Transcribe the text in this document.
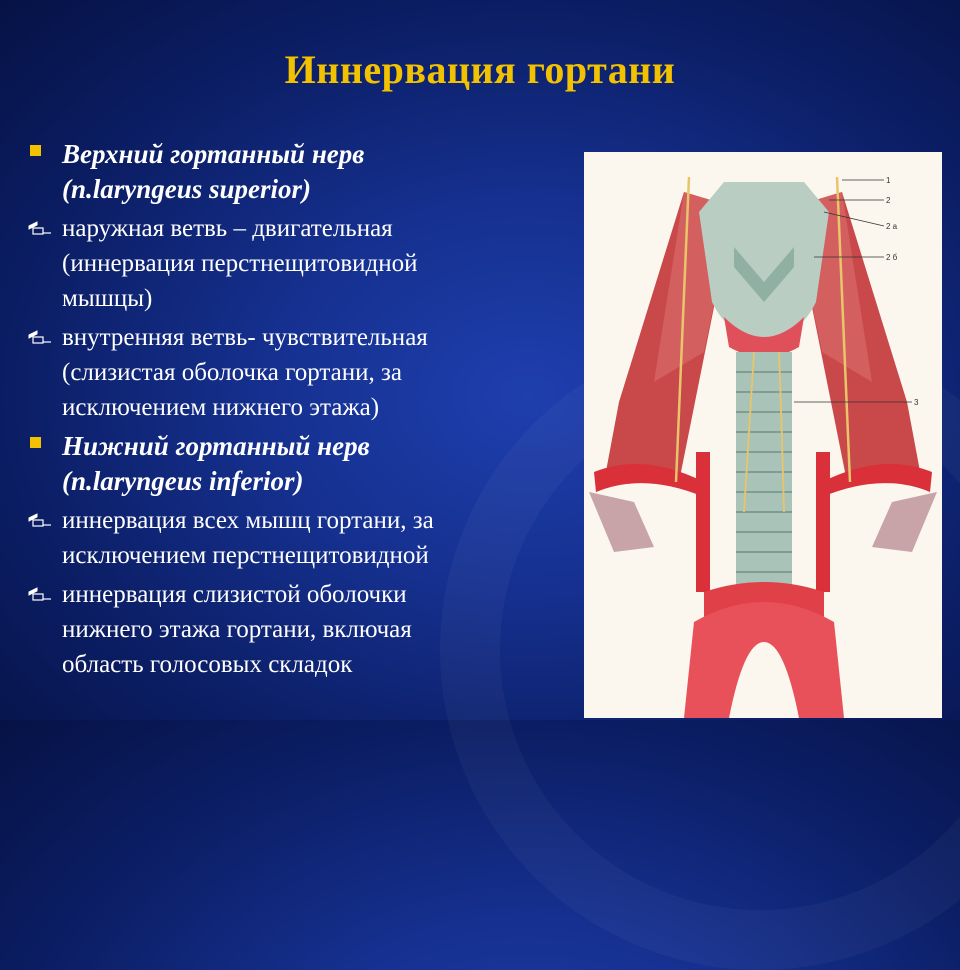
Иннервация гортани
Верхний гортанный нерв
(n.laryngeus superior)
наружная ветвь – двигательная
(иннервация перстнещитовидной
мышцы)
внутренняя ветвь- чувствительная
(слизистая оболочка гортани, за
исключением нижнего этажа)
Нижний гортанный нерв
(n.laryngeus inferior)
иннервация всех мышц гортани, за
исключением перстнещитовидной
иннервация слизистой оболочки
нижнего этажа гортани, включая
область голосовых складок
1
2
2 а
2 б
3
